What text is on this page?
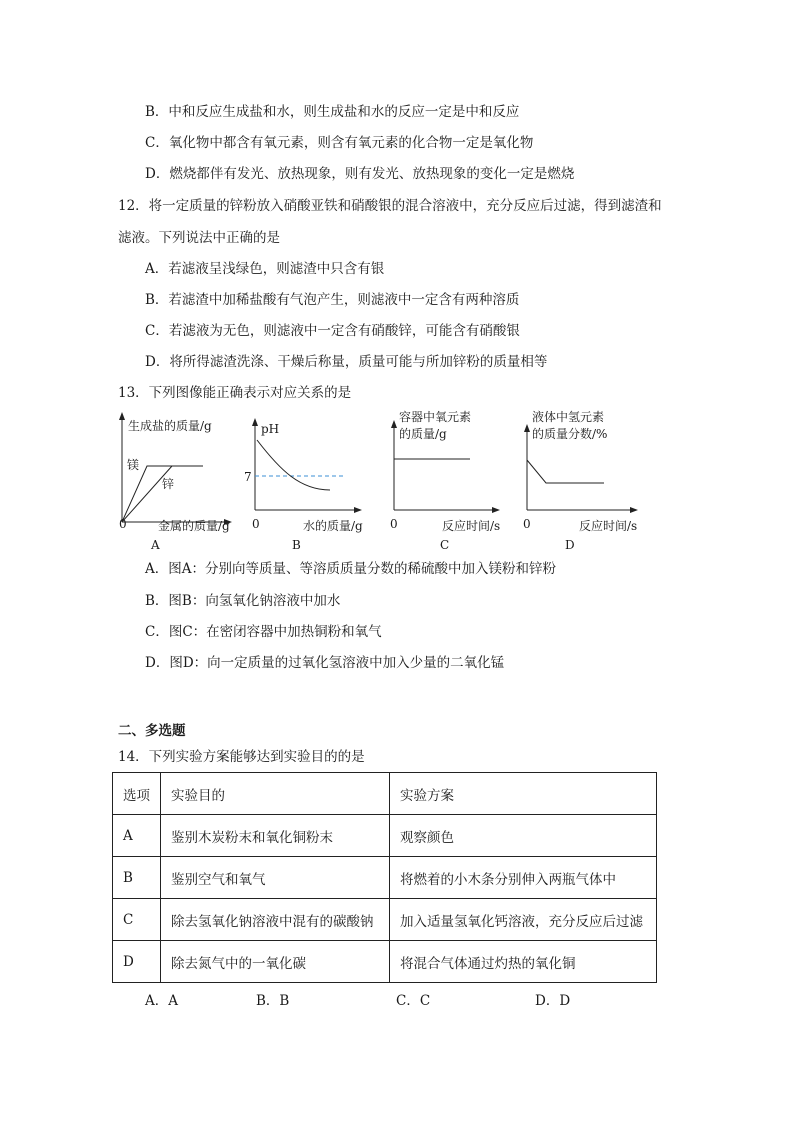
B．中和反应生成盐和水，则生成盐和水的反应一定是中和反应
C．氧化物中都含有氧元素，则含有氧元素的化合物一定是氧化物
D．燃烧都伴有发光、放热现象，则有发光、放热现象的变化一定是燃烧
12．将一定质量的锌粉放入硝酸亚铁和硝酸银的混合溶液中，充分反应后过滤，得到滤渣和
滤液。下列说法中正确的是
A．若滤液呈浅绿色，则滤渣中只含有银
B．若滤渣中加稀盐酸有气泡产生，则滤液中一定含有两种溶质
C．若滤液为无色，则滤液中一定含有硝酸锌，可能含有硝酸银
D．将所得滤渣洗涤、干燥后称量，质量可能与所加锌粉的质量相等
13．下列图像能正确表示对应关系的是
生成盐的质量/g
镁
锌
0	金属的质量/g
A
pH
7
0	水的质量/g
B
容器中氧元素
的质量/g
0	反应时间/s
C
液体中氢元素
的质量分数/%
0	反应时间/s
D
A．图A：分别向等质量、等溶质质量分数的稀硫酸中加入镁粉和锌粉
B．图B：向氢氧化钠溶液中加水
C．图C：在密闭容器中加热铜粉和氧气
D．图D：向一定质量的过氧化氢溶液中加入少量的二氧化锰
二、多选题
14．下列实验方案能够达到实验目的的是
选项	实验目的	实验方案
A	鉴别木炭粉末和氧化铜粉末	观察颜色
B	鉴别空气和氧气	将燃着的小木条分别伸入两瓶气体中
C	除去氢氧化钠溶液中混有的碳酸钠	加入适量氢氧化钙溶液，充分反应后过滤
D	除去氮气中的一氧化碳	将混合气体通过灼热的氧化铜
A．A	B．B	C．C	D．D
